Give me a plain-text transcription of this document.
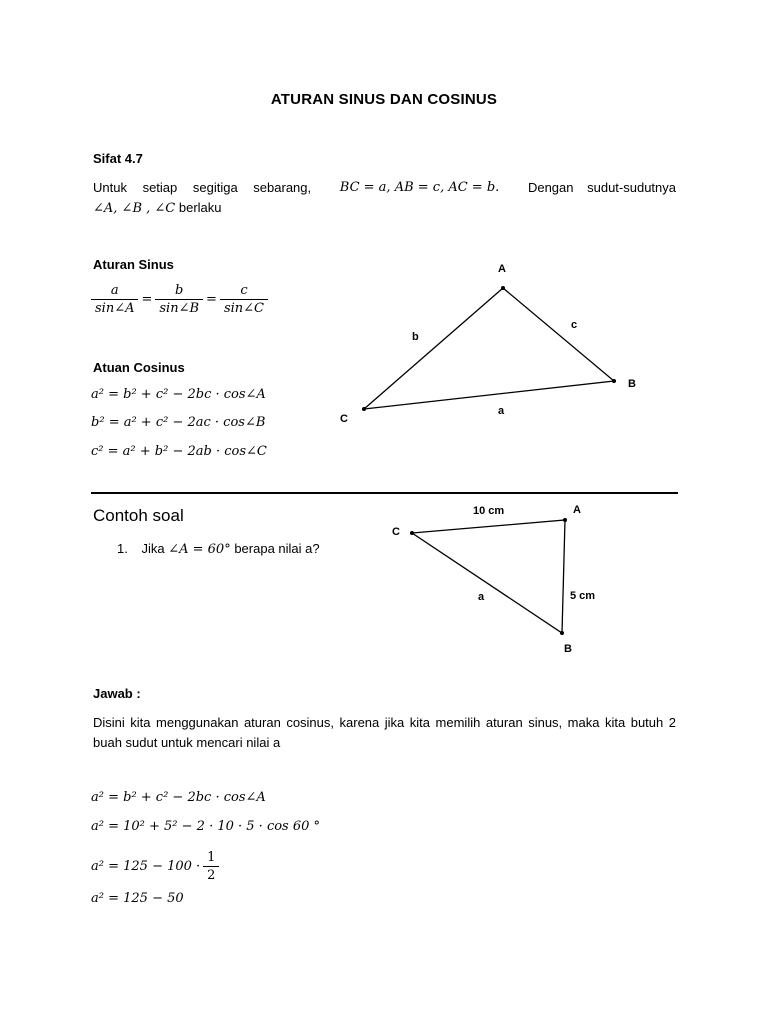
ATURAN SINUS DAN COSINUS
Sifat 4.7
Untuk setiap segitiga sebarang, BC = a, AB = c, AC = b. Dengan sudut-sudutnya
∠A, ∠B , ∠C berlaku
Aturan Sinus
$\frac{a}{\sin\angle A} = \frac{b}{\sin\angle B} = \frac{c}{\sin\angle C}$
Atuan Cosinus
a² = b² + c² − 2bc · cos∠A
b² = a² + c² − 2ac · cos∠B
c² = a² + b² − 2ab · cos∠C
A
B
C
a
b
c
Contoh soal
1. Jika ∠A = 60° berapa nilai a?
A
B
C
10 cm
5 cm
a
Jawab :
Disini kita menggunakan aturan cosinus, karena jika kita memilih aturan sinus, maka kita butuh 2 buah sudut untuk mencari nilai a
a² = b² + c² − 2bc · cos∠A
a² = 10² + 5² − 2 · 10 · 5 · cos 60 °
$a^2 = 125 - 100 \cdot \frac{1}{2}$
a² = 125 − 50
